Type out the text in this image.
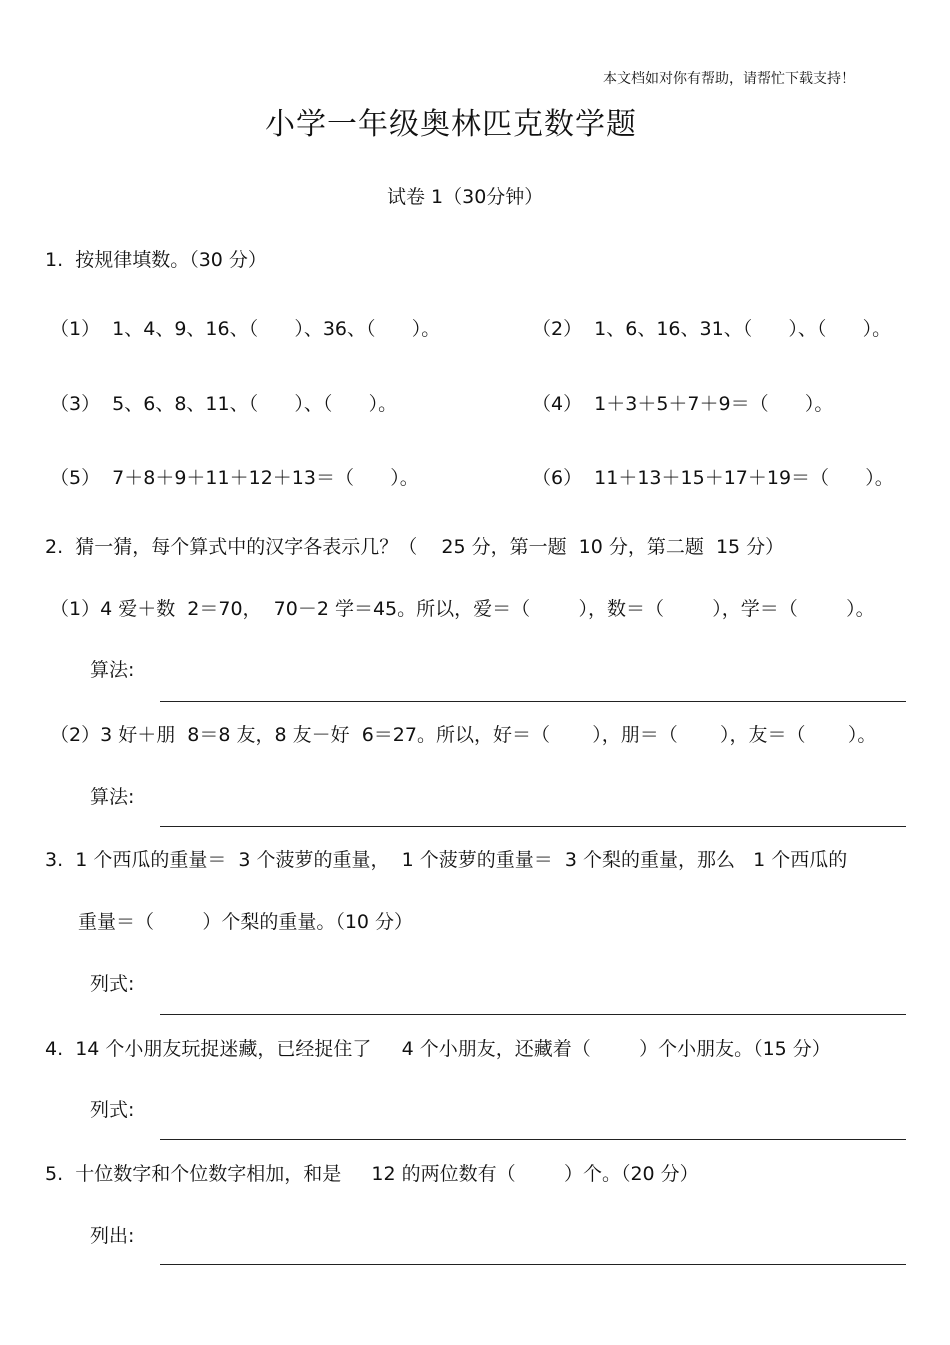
本文档如对你有帮助，请帮忙下载支持！
小学一年级奥林匹克数学题
试卷 1（30分钟）
1.  按规律填数。（30 分）
（1）  1、4、9、16、（      ）、36、（      ）。	（2）  1、6、16、31、（      ）、（      ）。
（3）  5、6、8、11、（      ）、（      ）。	（4）  1＋3＋5＋7＋9＝（      ）。
（5）  7＋8＋9＋11＋12＋13＝（      ）。	（6）  11＋13＋15＋17＋19＝（      ）。
2.  猜一猜，每个算式中的汉字各表示几？（    25 分，第一题  10 分，第二题  15 分）
（1）4 爱＋数  2＝70，  70－2 学＝45。所以，爱＝（        ），数＝（        ），学＝（        ）。
算法:
（2）3 好＋朋  8＝8 友，8 友－好  6＝27。所以，好＝（       ），朋＝（       ），友＝（       ）。
算法:
3.  1 个西瓜的重量＝  3 个菠萝的重量，  1 个菠萝的重量＝  3 个梨的重量，那么   1 个西瓜的
重量＝（        ）个梨的重量。（10 分）
列式:
4.  14 个小朋友玩捉迷藏，已经捉住了     4 个小朋友，还藏着（        ）个小朋友。（15 分）
列式:
5.  十位数字和个位数字相加，和是     12 的两位数有（        ）个。（20 分）
列出:
